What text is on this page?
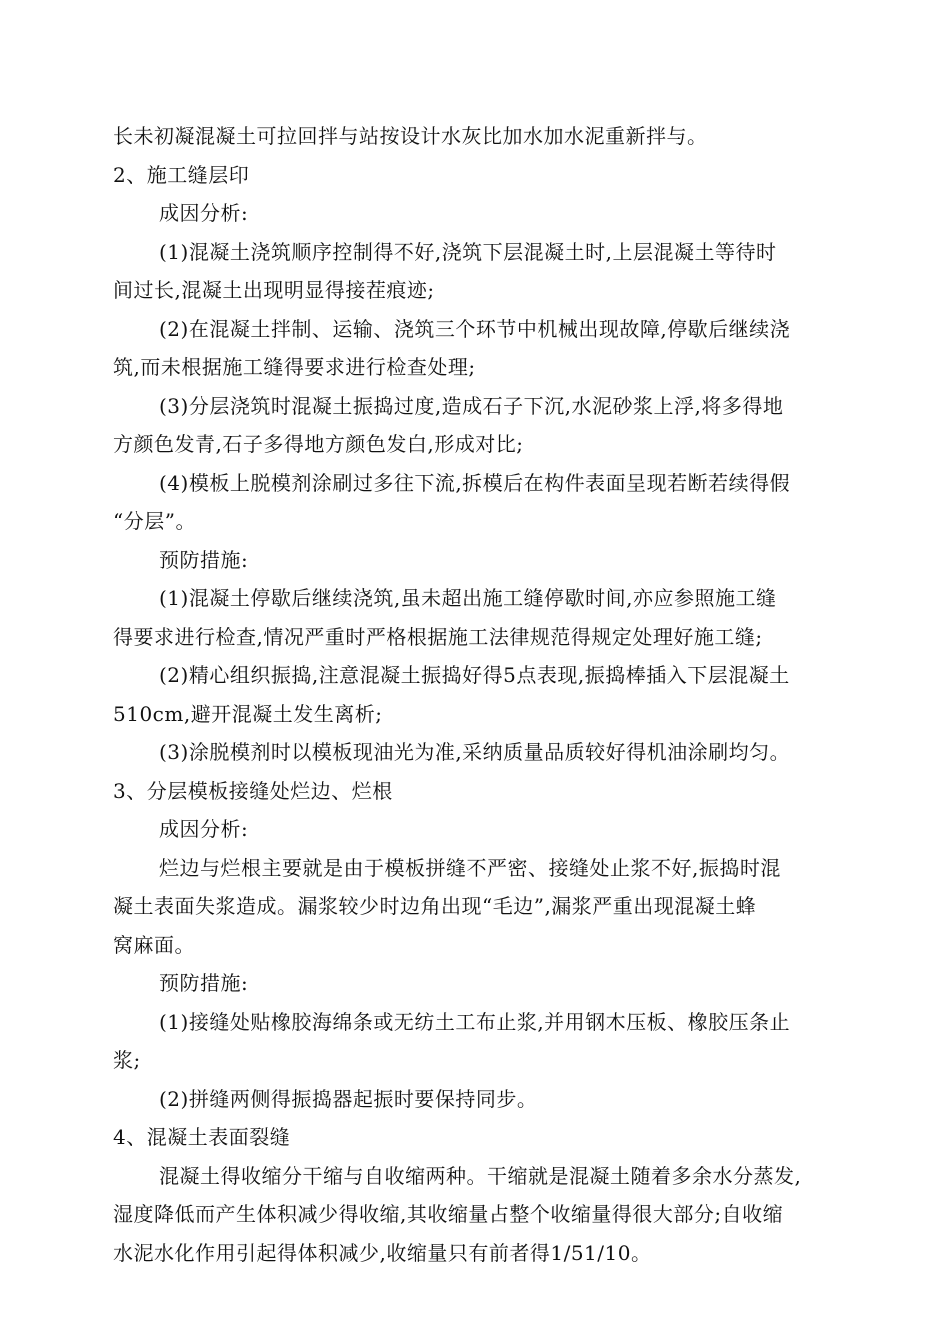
长未初凝混凝土可拉回拌与站按设计水灰比加水加水泥重新拌与。
2、施工缝层印
成因分析:
(1)混凝土浇筑顺序控制得不好,浇筑下层混凝土时,上层混凝土等待时
间过长,混凝土出现明显得接茬痕迹;
(2)在混凝土拌制、运输、浇筑三个环节中机械出现故障,停歇后继续浇
筑,而未根据施工缝得要求进行检查处理;
(3)分层浇筑时混凝土振捣过度,造成石子下沉,水泥砂浆上浮,将多得地
方颜色发青,石子多得地方颜色发白,形成对比;
(4)模板上脱模剂涂刷过多往下流,拆模后在构件表面呈现若断若续得假
“分层”。
预防措施:
(1)混凝土停歇后继续浇筑,虽未超出施工缝停歇时间,亦应参照施工缝
得要求进行检查,情况严重时严格根据施工法律规范得规定处理好施工缝;
(2)精心组织振捣,注意混凝土振捣好得5点表现,振捣棒插入下层混凝土
510cm,避开混凝土发生离析;
(3)涂脱模剂时以模板现油光为准,采纳质量品质较好得机油涂刷均匀。
3、分层模板接缝处烂边、烂根
成因分析:
烂边与烂根主要就是由于模板拼缝不严密、接缝处止浆不好,振捣时混
凝土表面失浆造成。漏浆较少时边角出现“毛边”,漏浆严重出现混凝土蜂
窝麻面。
预防措施:
(1)接缝处贴橡胶海绵条或无纺土工布止浆,并用钢木压板、橡胶压条止
浆;
(2)拼缝两侧得振捣器起振时要保持同步。
4、混凝土表面裂缝
混凝土得收缩分干缩与自收缩两种。干缩就是混凝土随着多余水分蒸发,
湿度降低而产生体积减少得收缩,其收缩量占整个收缩量得很大部分;自收缩
水泥水化作用引起得体积减少,收缩量只有前者得1/51/10。
